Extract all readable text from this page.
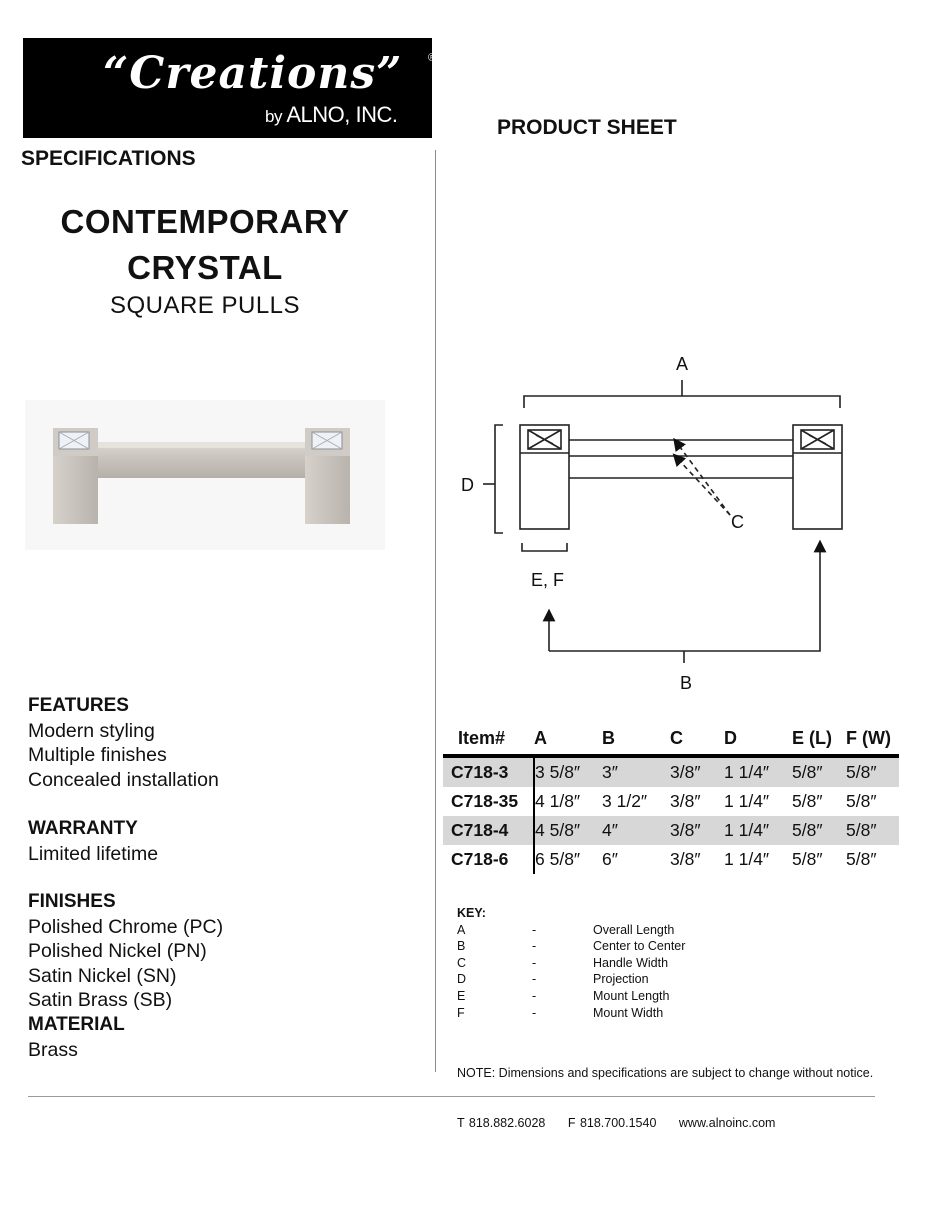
“Creations” ®
by ALNO, INC.
PRODUCT SHEET
SPECIFICATIONS
CONTEMPORARY
CRYSTAL
SQUARE PULLS
FEATURES
Modern styling
Multiple finishes
Concealed installation
WARRANTY
Limited lifetime
FINISHES
Polished Chrome (PC)
Polished Nickel (PN)
Satin Nickel (SN)
Satin Brass (SB)
MATERIAL
Brass
A
D
C
E, F
B
Item#	A	B	C	D	E (L)	F (W)
C718-3	3 5/8″	3″	3/8″	1 1/4″	5/8″	5/8″
C718-35	4 1/8″	3 1/2″	3/8″	1 1/4″	5/8″	5/8″
C718-4	4 5/8″	4″	3/8″	1 1/4″	5/8″	5/8″
C718-6	6 5/8″	6″	3/8″	1 1/4″	5/8″	5/8″
KEY:
A	-	Overall Length
B	-	Center to Center
C	-	Handle Width
D	-	Projection
E	-	Mount Length
F	-	Mount Width
NOTE: Dimensions and specifications are subject to change without notice.
T 818.882.6028 F 818.700.1540 www.alnoinc.com
